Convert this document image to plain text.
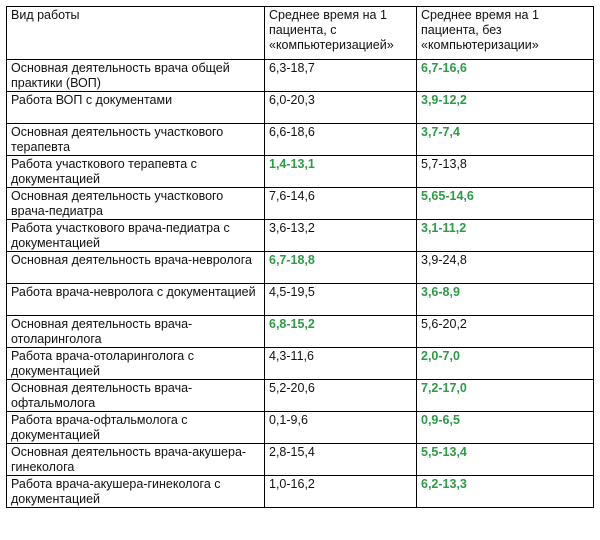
Вид работы	Среднее время на 1 пациента, с «компьютеризацией»	Среднее время на 1 пациента, без «компьютеризации»
Основная деятельность врача общей практики (ВОП)	6,3-18,7	6,7-16,6
Работа ВОП с документами	6,0-20,3	3,9-12,2
Основная деятельность участкового терапевта	6,6-18,6	3,7-7,4
Работа участкового терапевта с документацией	1,4-13,1	5,7-13,8
Основная деятельность участкового врача-педиатра	7,6-14,6	5,65-14,6
Работа участкового врача-педиатра с документацией	3,6-13,2	3,1-11,2
Основная деятельность врача-невролога	6,7-18,8	3,9-24,8
Работа врача-невролога с документацией	4,5-19,5	3,6-8,9
Основная деятельность врача-отоларинголога	6,8-15,2	5,6-20,2
Работа врача-отоларинголога с документацией	4,3-11,6	2,0-7,0
Основная деятельность врача-офтальмолога	5,2-20,6	7,2-17,0
Работа врача-офтальмолога с документацией	0,1-9,6	0,9-6,5
Основная деятельность врача-акушера-гинеколога	2,8-15,4	5,5-13,4
Работа врача-акушера-гинеколога с документацией	1,0-16,2	6,2-13,3
